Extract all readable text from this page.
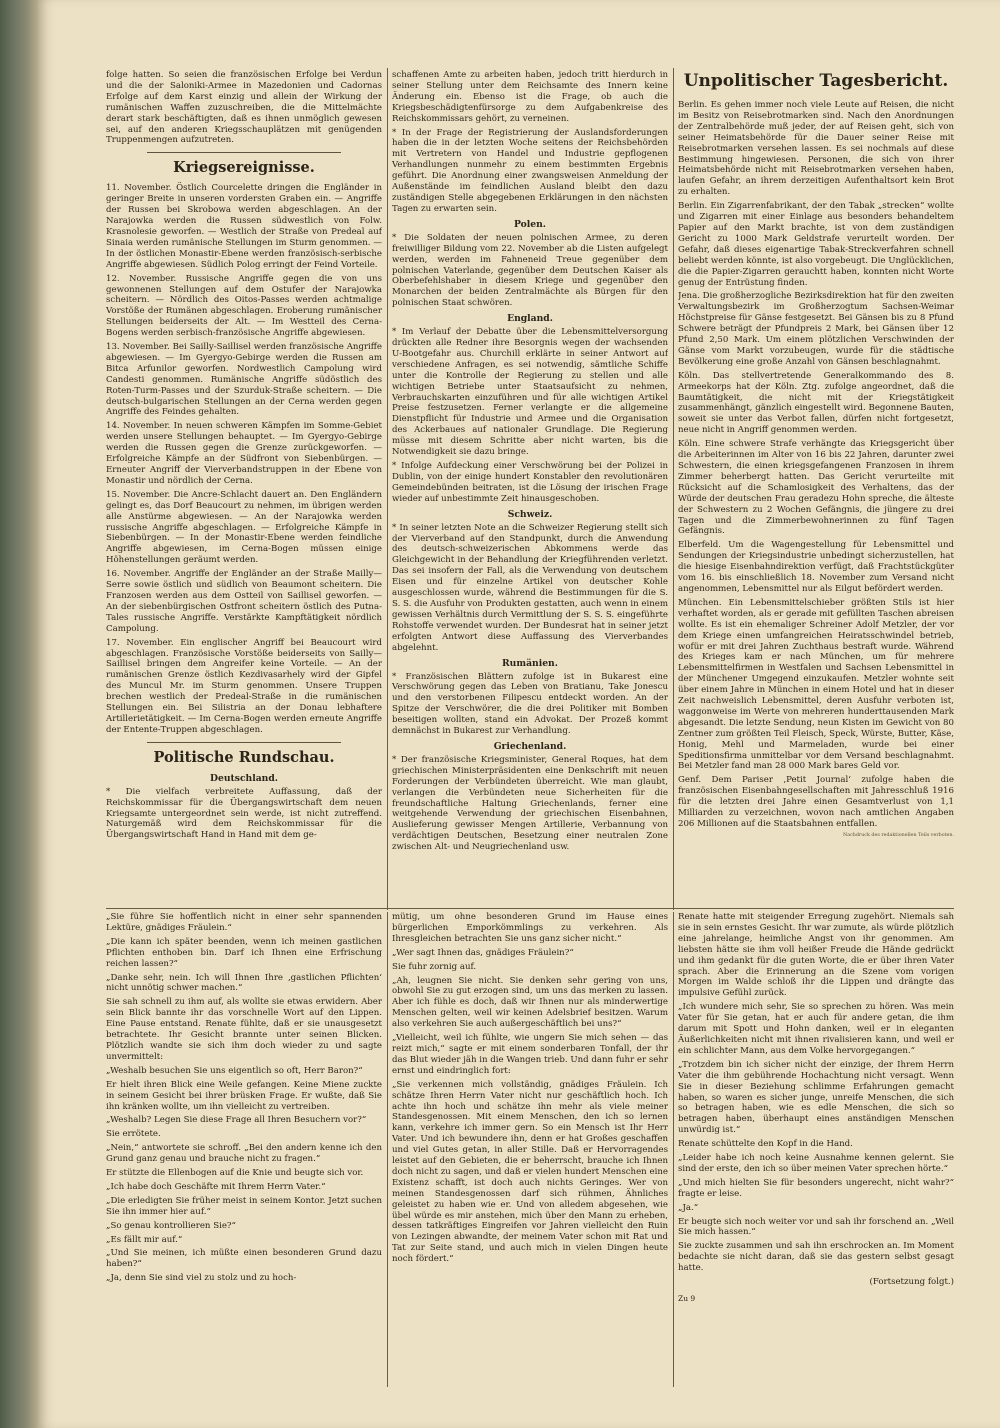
folge hatten. So seien die französischen Erfolge bei Verdun und die der Saloniki-Armee in Mazedonien und Cadornas Erfolge auf dem Karst einzig und allein der Wirkung der rumänischen Waffen zuzuschreiben, die die Mittelmächte derart stark beschäftigten, daß es ihnen unmöglich gewesen sei, auf den anderen Kriegsschauplätzen mit genügenden Truppenmengen aufzutreten.

Kriegsereignisse.

11. November. Östlich Courcelette dringen die Engländer in geringer Breite in unseren vordersten Graben ein. — Angriffe der Russen bei Skrobowa werden abgeschlagen. An der Narajowka werden die Russen südwestlich von Folw. Krasnolesie geworfen. — Westlich der Straße von Predeal auf Sinaia werden rumänische Stellungen im Sturm genommen. — In der östlichen Monastir-Ebene werden französisch-serbische Angriffe abgewiesen. Südlich Polog erringt der Feind Vorteile.

12. November. Russische Angriffe gegen die von uns gewonnenen Stellungen auf dem Ostufer der Narajowka scheitern. — Nördlich des Oitos-Passes werden achtmalige Vorstöße der Rumänen abgeschlagen. Eroberung rumänischer Stellungen beiderseits der Alt. — Im Westteil des Cerna-Bogens werden serbisch-französische Angriffe abgewiesen.

13. November. Bei Sailly-Saillisel werden französische Angriffe abgewiesen. — Im Gyergyo-Gebirge werden die Russen am Bitca Arfunilor geworfen. Nordwestlich Campolung wird Candesti genommen. Rumänische Angriffe südöstlich des Roten-Turm-Passes und der Szurduk-Straße scheitern. — Die deutsch-bulgarischen Stellungen an der Cerna werden gegen Angriffe des Feindes gehalten.

14. November. In neuen schweren Kämpfen im Somme-Gebiet werden unsere Stellungen behauptet. — Im Gyergyo-Gebirge werden die Russen gegen die Grenze zurückgeworfen. — Erfolgreiche Kämpfe an der Südfront von Siebenbürgen. — Erneuter Angriff der Vierverbandstruppen in der Ebene von Monastir und nördlich der Cerna.

15. November. Die Ancre-Schlacht dauert an. Den Engländern gelingt es, das Dorf Beaucourt zu nehmen, im übrigen werden alle Anstürme abgewiesen. — An der Narajowka werden russische Angriffe abgeschlagen. — Erfolgreiche Kämpfe in Siebenbürgen. — In der Monastir-Ebene werden feindliche Angriffe abgewiesen, im Cerna-Bogen müssen einige Höhenstellungen geräumt werden.

16. November. Angriffe der Engländer an der Straße Mailly—Serre sowie östlich und südlich von Beaumont scheitern. Die Franzosen werden aus dem Ostteil von Saillisel geworfen. — An der siebenbürgischen Ostfront scheitern östlich des Putna-Tales russische Angriffe. Verstärkte Kampftätigkeit nördlich Campolung.

17. November. Ein englischer Angriff bei Beaucourt wird abgeschlagen. Französische Vorstöße beiderseits von Sailly—Saillisel bringen dem Angreifer keine Vorteile. — An der rumänischen Grenze östlich Kezdivasarhely wird der Gipfel des Muncul Mr. im Sturm genommen. Unsere Truppen brechen westlich der Predeal-Straße in die rumänischen Stellungen ein. Bei Silistria an der Donau lebhaftere Artillerietätigkeit. — Im Cerna-Bogen werden erneute Angriffe der Entente-Truppen abgeschlagen.

Politische Rundschau.
Deutschland.

* Die vielfach verbreitete Auffassung, daß der Reichskommissar für die Übergangswirtschaft dem neuen Kriegsamte untergeordnet sein werde, ist nicht zutreffend. Naturgemäß wird dem Reichskommissar für die Übergangswirtschaft Hand in Hand mit dem ge-

schaffenen Amte zu arbeiten haben, jedoch tritt hierdurch in seiner Stellung unter dem Reichsamte des Innern keine Änderung ein. Ebenso ist die Frage, ob auch die Kriegsbeschädigtenfürsorge zu dem Aufgabenkreise des Reichskommissars gehört, zu verneinen.

* In der Frage der Registrierung der Auslandsforderungen haben die in der letzten Woche seitens der Reichsbehörden mit Vertretern von Handel und Industrie gepflogenen Verhandlungen nunmehr zu einem bestimmten Ergebnis geführt. Die Anordnung einer zwangsweisen Anmeldung der Außenstände im feindlichen Ausland bleibt den dazu zuständigen Stelle abgegebenen Erklärungen in den nächsten Tagen zu erwarten sein.

Polen.

* Die Soldaten der neuen polnischen Armee, zu deren freiwilliger Bildung vom 22. November ab die Listen aufgelegt werden, werden im Fahneneid Treue gegenüber dem polnischen Vaterlande, gegenüber dem Deutschen Kaiser als Oberbefehlshaber in diesem Kriege und gegenüber den Monarchen der beiden Zentralmächte als Bürgen für den polnischen Staat schwören.

England.

* Im Verlauf der Debatte über die Lebensmittelversorgung drückten alle Redner ihre Besorgnis wegen der wachsenden U-Bootgefahr aus. Churchill erklärte in seiner Antwort auf verschiedene Anfragen, es sei notwendig, sämtliche Schiffe unter die Kontrolle der Regierung zu stellen und alle wichtigen Betriebe unter Staatsaufsicht zu nehmen, Verbrauchskarten einzuführen und für alle wichtigen Artikel Preise festzusetzen. Ferner verlangte er die allgemeine Dienstpflicht für Industrie und Armee und die Organisation des Ackerbaues auf nationaler Grundlage. Die Regierung müsse mit diesem Schritte aber nicht warten, bis die Notwendigkeit sie dazu bringe.

* Infolge Aufdeckung einer Verschwörung bei der Polizei in Dublin, von der einige hundert Konstabler den revolutionären Gemeindebünden beitraten, ist die Lösung der irischen Frage wieder auf unbestimmte Zeit hinausgeschoben.

Schweiz.

* In seiner letzten Note an die Schweizer Regierung stellt sich der Vierverband auf den Standpunkt, durch die Anwendung des deutsch-schweizerischen Abkommens werde das Gleichgewicht in der Behandlung der Kriegführenden verletzt. Das sei insofern der Fall, als die Verwendung von deutschem Eisen und für einzelne Artikel von deutscher Kohle ausgeschlossen wurde, während die Bestimmungen für die S. S. S. die Ausfuhr von Produkten gestatten, auch wenn in einem gewissen Verhältnis durch Vermittlung der S. S. S. eingeführte Rohstoffe verwendet wurden. Der Bundesrat hat in seiner jetzt erfolgten Antwort diese Auffassung des Vierverbandes abgelehnt.

Rumänien.

* Französischen Blättern zufolge ist in Bukarest eine Verschwörung gegen das Leben von Bratianu, Take Jonescu und den verstorbenen Filipescu entdeckt worden. An der Spitze der Verschwörer, die die drei Politiker mit Bomben beseitigen wollten, stand ein Advokat. Der Prozeß kommt demnächst in Bukarest zur Verhandlung.

Griechenland.

* Der französische Kriegsminister, General Roques, hat dem griechischen Ministerpräsidenten eine Denkschrift mit neuen Forderungen der Verbündeten überreicht. Wie man glaubt, verlangen die Verbündeten neue Sicherheiten für die freundschaftliche Haltung Griechenlands, ferner eine weitgehende Verwendung der griechischen Eisenbahnen, Auslieferung gewisser Mengen Artillerie, Verbannung von verdächtigen Deutschen, Besetzung einer neutralen Zone zwischen Alt- und Neugriechenland usw.

Unpolitischer Tagesbericht.

Berlin. Es gehen immer noch viele Leute auf Reisen, die nicht im Besitz von Reisebrotmarken sind. Nach den Anordnungen der Zentralbehörde muß jeder, der auf Reisen geht, sich von seiner Heimatsbehörde für die Dauer seiner Reise mit Reisebrotmarken versehen lassen. Es sei nochmals auf diese Bestimmung hingewiesen. Personen, die sich von ihrer Heimatsbehörde nicht mit Reisebrotmarken versehen haben, laufen Gefahr, an ihrem derzeitigen Aufenthaltsort kein Brot zu erhalten.

Berlin. Ein Zigarrenfabrikant, der den Tabak „strecken“ wollte und Zigarren mit einer Einlage aus besonders behandeltem Papier auf den Markt brachte, ist von dem zuständigen Gericht zu 1000 Mark Geldstrafe verurteilt worden. Der Gefahr, daß dieses eigenartige Tabak-Streckverfahren schnell beliebt werden könnte, ist also vorgebeugt. Die Unglücklichen, die die Papier-Zigarren gerauchtt haben, konnten nicht Worte genug der Entrüstung finden.

Jena. Die großherzogliche Bezirksdirektion hat für den zweiten Verwaltungsbezirk im Großherzogtum Sachsen-Weimar Höchstpreise für Gänse festgesetzt. Bei Gänsen bis zu 8 Pfund Schwere beträgt der Pfundpreis 2 Mark, bei Gänsen über 12 Pfund 2,50 Mark. Um einem plötzlichen Verschwinden der Gänse vom Markt vorzubeugen, wurde für die städtische Bevölkerung eine große Anzahl von Gänsen beschlagnahmt.

Köln. Das stellvertretende Generalkommando des 8. Armeekorps hat der Köln. Ztg. zufolge angeordnet, daß die Baumtätigkeit, die nicht mit der Kriegstätigkeit zusammenhängt, gänzlich eingestellt wird. Begonnene Bauten, soweit sie unter das Verbot fallen, dürfen nicht fortgesetzt, neue nicht in Angriff genommen werden.

Köln. Eine schwere Strafe verhängte das Kriegsgericht über die Arbeiterinnen im Alter von 16 bis 22 Jahren, darunter zwei Schwestern, die einen kriegsgefangenen Franzosen in ihrem Zimmer beherbergt hatten. Das Gericht verurteilte mit Rücksicht auf die Schamlosigkeit des Verhaltens, das der Würde der deutschen Frau geradezu Hohn spreche, die älteste der Schwestern zu 2 Wochen Gefängnis, die jüngere zu drei Tagen und die Zimmerbewohnerinnen zu fünf Tagen Gefängnis.

Elberfeld. Um die Wagengestellung für Lebensmittel und Sendungen der Kriegsindustrie unbedingt sicherzustellen, hat die hiesige Eisenbahndirektion verfügt, daß Frachtstückgüter vom 16. bis einschließlich 18. November zum Versand nicht angenommen, Lebensmittel nur als Eilgut befördert werden.

München. Ein Lebensmittelschieber größten Stils ist hier verhaftet worden, als er gerade mit gefüllten Taschen abreisen wollte. Es ist ein ehemaliger Schreiner Adolf Metzler, der vor dem Kriege einen umfangreichen Heiratsschwindel betrieb, wofür er mit drei Jahren Zuchthaus bestraft wurde. Während des Krieges kam er nach München, um für mehrere Lebensmittelfirmen in Westfalen und Sachsen Lebensmittel in der Münchener Umgegend einzukaufen. Metzler wohnte seit über einem Jahre in München in einem Hotel und hat in dieser Zeit nachweislich Lebensmittel, deren Ausfuhr verboten ist, waggonweise im Werte von mehreren hunderttausenden Mark abgesandt. Die letzte Sendung, neun Kisten im Gewicht von 80 Zentner zum größten Teil Fleisch, Speck, Würste, Butter, Käse, Honig, Mehl und Marmeladen, wurde bei einer Speditionsfirma unmittelbar vor dem Versand beschlagnahmt. Bei Metzler fand man 28 000 Mark bares Geld vor.

Genf. Dem Pariser ‚Petit Journal‘ zufolge haben die französischen Eisenbahngesellschaften mit Jahresschluß 1916 für die letzten drei Jahre einen Gesamtverlust von 1,1 Milliarden zu verzeichnen, wovon nach amtlichen Angaben 206 Millionen auf die Staatsbahnen entfallen.

Nachdruck des redaktionellen Teils verboten.

„Sie führe Sie hoffentlich nicht in einer sehr spannenden Lektüre, gnädiges Fräulein.“

„Die kann ich später beenden, wenn ich meinen gastlichen Pflichten enthoben bin. Darf ich Ihnen eine Erfrischung reichen lassen?“

„Danke sehr, nein. Ich will Ihnen Ihre ‚gastlichen Pflichten‘ nicht unnötig schwer machen.“

Sie sah schnell zu ihm auf, als wollte sie etwas erwidern. Aber sein Blick bannte ihr das vorschnelle Wort auf den Lippen. Eine Pause entstand. Renate fühlte, daß er sie unausgesetzt betrachtete. Ihr Gesicht brannte unter seinen Blicken. Plötzlich wandte sie sich ihm doch wieder zu und sagte unvermittelt:

„Weshalb besuchen Sie uns eigentlich so oft, Herr Baron?“

Er hielt ihren Blick eine Weile gefangen. Keine Miene zuckte in seinem Gesicht bei ihrer brüsken Frage. Er wußte, daß Sie ihn kränken wollte, um ihn vielleicht zu vertreiben.

„Weshalb? Legen Sie diese Frage all Ihren Besuchern vor?“

Sie errötete.

„Nein,“ antwortete sie schroff. „Bei den andern kenne ich den Grund ganz genau und brauche nicht zu fragen.“

Er stützte die Ellenbogen auf die Knie und beugte sich vor.

„Ich habe doch Geschäfte mit Ihrem Herrn Vater.“

„Die erledigten Sie früher meist in seinem Kontor. Jetzt suchen Sie ihn immer hier auf.“

„So genau kontrollieren Sie?“

„Es fällt mir auf.“

„Und Sie meinen, ich müßte einen besonderen Grund dazu haben?“

„Ja, denn Sie sind viel zu stolz und zu hoch-

mütig, um ohne besonderen Grund im Hause eines bürgerlichen Emporkömmlings zu verkehren. Als Ihresgleichen betrachten Sie uns ganz sicher nicht.“

„Wer sagt Ihnen das, gnädiges Fräulein?“

Sie fuhr zornig auf.

„Ah, leugnen Sie nicht. Sie denken sehr gering von uns, obwohl Sie zu gut erzogen sind, um uns das merken zu lassen. Aber ich fühle es doch, daß wir Ihnen nur als minderwertige Menschen gelten, weil wir keinen Adelsbrief besitzen. Warum also verkehren Sie auch außergeschäftlich bei uns?“

„Vielleicht, weil ich fühlte, wie ungern Sie mich sehen — das reizt mich,“ sagte er mit einem sonderbaren Tonfall, der ihr das Blut wieder jäh in die Wangen trieb. Und dann fuhr er sehr ernst und eindringlich fort:

„Sie verkennen mich vollständig, gnädiges Fräulein. Ich schätze Ihren Herrn Vater nicht nur geschäftlich hoch. Ich achte ihn hoch und schätze ihn mehr als viele meiner Standesgenossen. Mit einem Menschen, den ich so lernen kann, verkehre ich immer gern. So ein Mensch ist Ihr Herr Vater. Und ich bewundere ihn, denn er hat Großes geschaffen und viel Gutes getan, in aller Stille. Daß er Hervorragendes leistet auf den Gebieten, die er beherrscht, brauche ich Ihnen doch nicht zu sagen, und daß er vielen hundert Menschen eine Existenz schafft, ist doch auch nichts Geringes. Wer von meinen Standesgenossen darf sich rühmen, Ähnliches geleistet zu haben wie er. Und von alledem abgesehen, wie übel würde es mir anstehen, mich über den Mann zu erheben, dessen tatkräftiges Eingreifen vor Jahren vielleicht den Ruin von Lezingen abwandte, der meinem Vater schon mit Rat und Tat zur Seite stand, und auch mich in vielen Dingen heute noch fördert.“

Renate hatte mit steigender Erregung zugehört. Niemals sah sie in sein ernstes Gesicht. Ihr war zumute, als würde plötzlich eine jahrelange, heimliche Angst von ihr genommen. Am liebsten hätte sie ihm voll heißer Freude die Hände gedrückt und ihm gedankt für die guten Worte, die er über ihren Vater sprach. Aber die Erinnerung an die Szene vom vorigen Morgen im Walde schloß ihr die Lippen und drängte das impulsive Gefühl zurück.

„Ich wundere mich sehr, Sie so sprechen zu hören. Was mein Vater für Sie getan, hat er auch für andere getan, die ihm darum mit Spott und Hohn danken, weil er in eleganten Äußerlichkeiten nicht mit ihnen rivalisieren kann, und weil er ein schlichter Mann, aus dem Volke hervorgegangen.“

„Trotzdem bin ich sicher nicht der einzige, der Ihrem Herrn Vater die ihm gebührende Hochachtung nicht versagt. Wenn Sie in dieser Beziehung schlimme Erfahrungen gemacht haben, so waren es sicher junge, unreife Menschen, die sich so betragen haben, wie es edle Menschen, die sich so betragen haben, überhaupt eines anständigen Menschen unwürdig ist.“

Renate schüttelte den Kopf in die Hand.

„Leider habe ich noch keine Ausnahme kennen gelernt. Sie sind der erste, den ich so über meinen Vater sprechen hörte.“

„Und mich hielten Sie für besonders ungerecht, nicht wahr?“ fragte er leise.

„Ja.“

Er beugte sich noch weiter vor und sah ihr forschend an. „Weil Sie mich hassen.“

Sie zuckte zusammen und sah ihn erschrocken an. Im Moment bedachte sie nicht daran, daß sie das gestern selbst gesagt hatte.

(Fortsetzung folgt.)

Zu 9
